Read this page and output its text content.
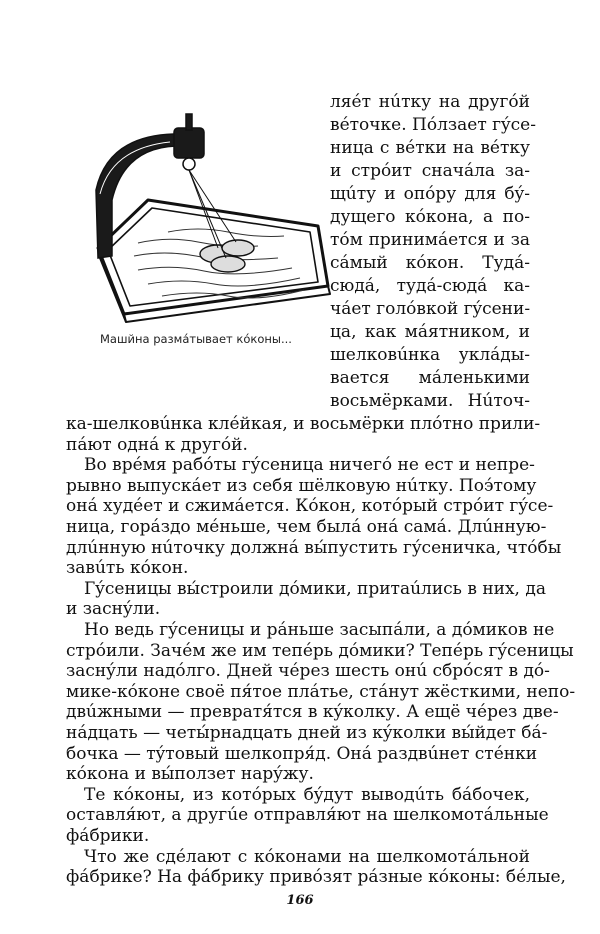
Машйна размáтывает кóконы...
ляéт нúтку на другóй
вéточке. Пóлзает гýсе-
ница с вéтки на вéтку
и стрóит сначáла за-
щúту и опóру для бý-
дущего кóкона, а по-
тóм принимáется и за
сáмый кóкон. Тудá-
сюдá, тудá-сюдá ка-
чáет голóвкой гýсени-
ца, как мáятником, и
шелковúнка уклáды-
вается мáленькими
восьмёрками. Нúточ-
ка-шелковúнка клéйкая, и восьмёрки плóтно прили-
пáют однá к другóй.
Во врéмя рабóты гýсеница ничегó не ест и непре-
рывно выпускáет из себя шёлковую нúтку. Поэ́тому
онá худéет и сжимáется. Кóкон, котóрый стрóит гýсе-
ница, горáздо мéньше, чем былá онá самá. Длúнную-
длúнную нúточку должнá вы́пустить гýсеничка, чтóбы
завúть кóкон.
Гýсеницы вы́строили дóмики, притаúлись в них, да
и заснýли.
Но ведь гýсеницы и рáньше засыпáли, а дóмиков не
стрóили. Зачéм же им тепéрь дóмики? Тепéрь гýсеницы
заснýли надóлго. Дней чéрез шесть онú сбрóсят в дó-
мике-кóконе своё пя́тое плáтье, стáнут жёсткими, непо-
двúжными — превратя́тся в кýколку. А ещё чéрез две-
нáдцать — четы́рнадцать дней из кýколки вы́йдет бá-
бочка — тýтовый шелкопря́д. Онá раздвúнет стéнки
кóкона и вы́ползет нарýжу.
Те кóконы, из котóрых бýдут выводúть бáбочек,
оставля́ют, а другúе отправля́ют на шелкомотáльные
фáбрики.
Что же сдéлают с кóконами на шелкомотáльной
фáбрике? На фáбрику привóзят рáзные кóконы: бéлые,
166
